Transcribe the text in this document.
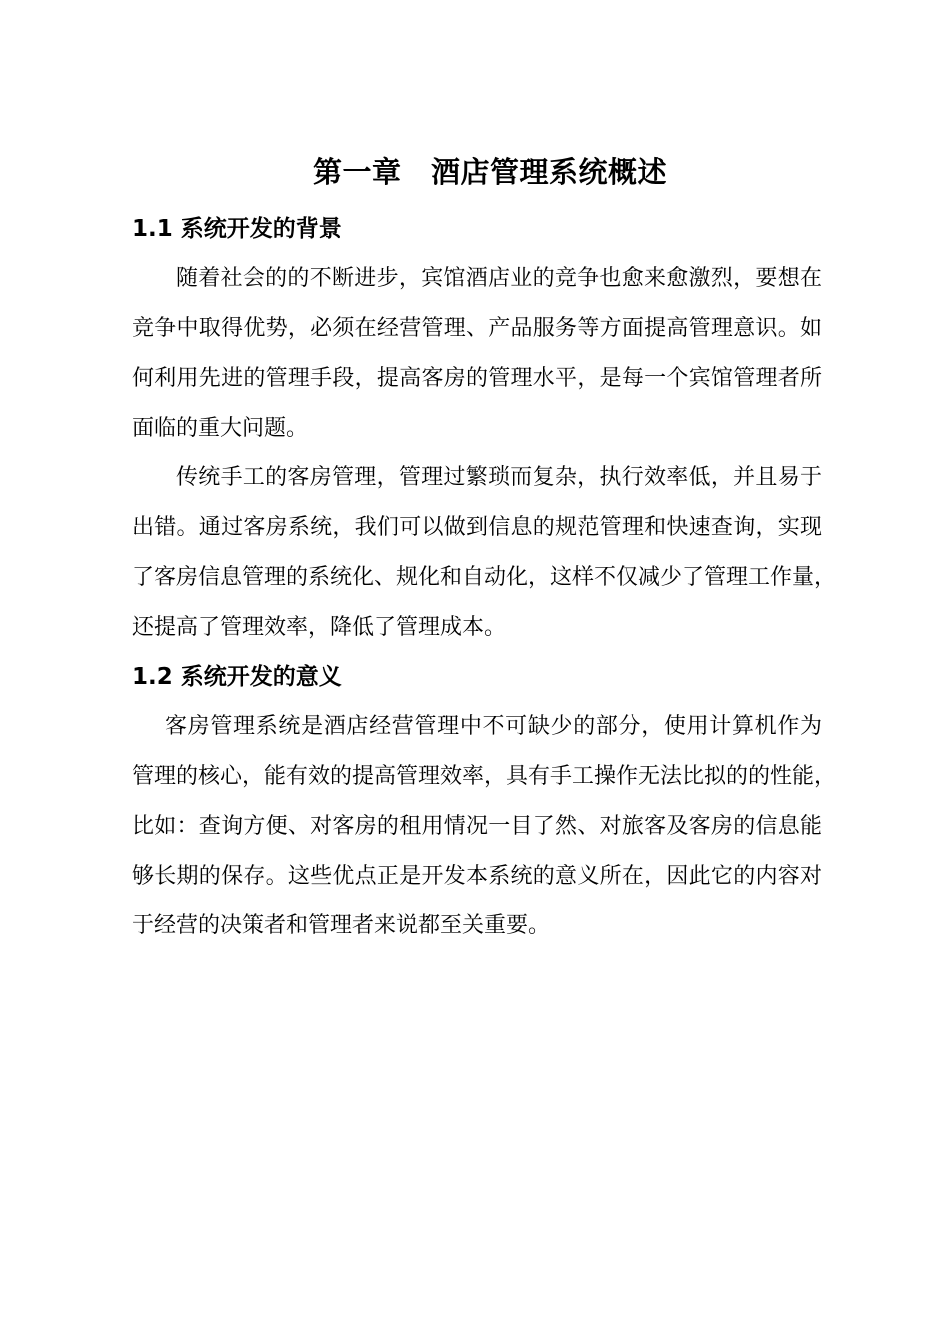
第一章　酒店管理系统概述
1.1 系统开发的背景
随着社会的的不断进步，宾馆酒店业的竞争也愈来愈激烈，要想在
竞争中取得优势，必须在经营管理、产品服务等方面提高管理意识。如
何利用先进的管理手段，提高客房的管理水平，是每一个宾馆管理者所
面临的重大问题。
传统手工的客房管理，管理过繁琐而复杂，执行效率低，并且易于
出错。通过客房系统，我们可以做到信息的规范管理和快速查询，实现
了客房信息管理的系统化、规化和自动化，这样不仅减少了管理工作量，
还提高了管理效率，降低了管理成本。
1.2 系统开发的意义
客房管理系统是酒店经营管理中不可缺少的部分，使用计算机作为
管理的核心，能有效的提高管理效率，具有手工操作无法比拟的的性能，
比如：查询方便、对客房的租用情况一目了然、对旅客及客房的信息能
够长期的保存。这些优点正是开发本系统的意义所在，因此它的内容对
于经营的决策者和管理者来说都至关重要。
